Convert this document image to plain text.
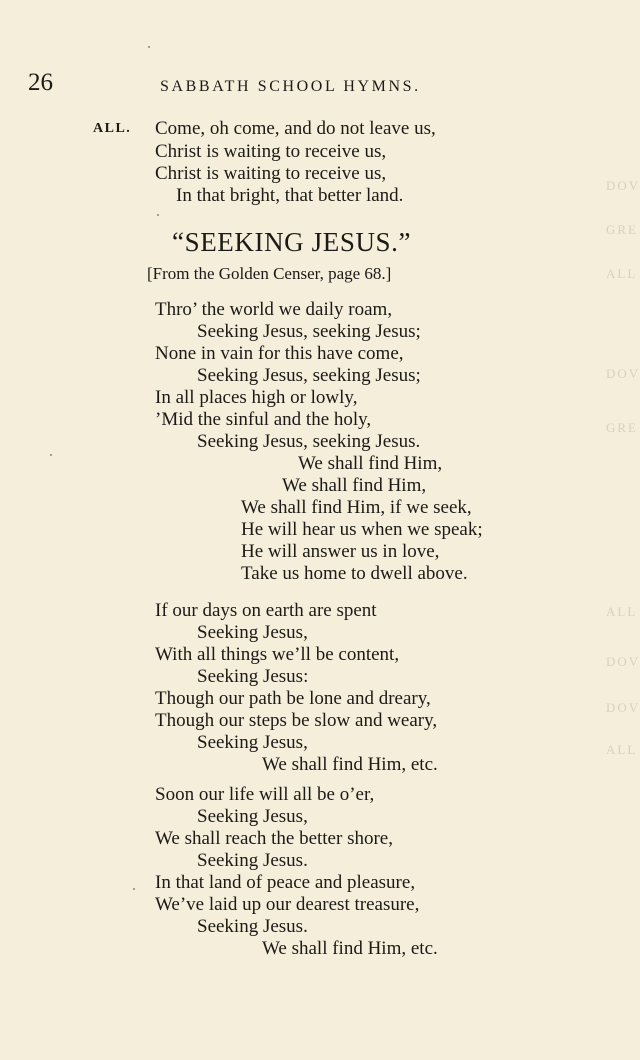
DOV
GRE
ALL
DOV
GRE
ALL
DOV
DOV
ALL
26	SABBATH SCHOOL HYMNS.
ALL. Come, oh come, and do not leave us,
Christ is waiting to receive us,
Christ is waiting to receive us,
In that bright, that better land.
“SEEKING JESUS.”
[From the Golden Censer, page 68.]
Thro’ the world we daily roam,
Seeking Jesus, seeking Jesus;
None in vain for this have come,
Seeking Jesus, seeking Jesus;
In all places high or lowly,
’Mid the sinful and the holy,
Seeking Jesus, seeking Jesus.
We shall find Him,
We shall find Him,
We shall find Him, if we seek,
He will hear us when we speak;
He will answer us in love,
Take us home to dwell above.
If our days on earth are spent
Seeking Jesus,
With all things we’ll be content,
Seeking Jesus:
Though our path be lone and dreary,
Though our steps be slow and weary,
Seeking Jesus,
We shall find Him, etc.
Soon our life will all be o’er,
Seeking Jesus,
We shall reach the better shore,
Seeking Jesus.
In that land of peace and pleasure,
We’ve laid up our dearest treasure,
Seeking Jesus.
We shall find Him, etc.
